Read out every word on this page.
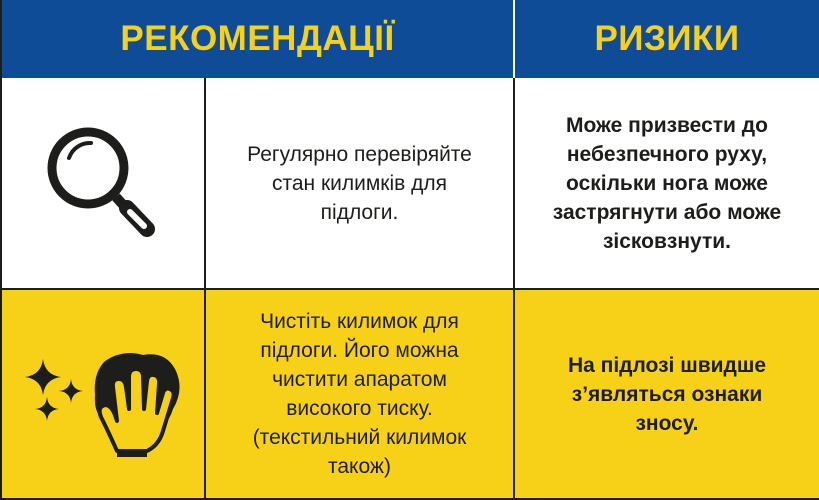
РЕКОМЕНДАЦІЇ	РИЗИКИ
Регулярно перевіряйте
стан килимків для
підлоги.
Може призвести до
небезпечного руху,
оскільки нога може
застрягнути або може
зісковзнути.
Чистіть килимок для
підлоги. Його можна
чистити апаратом
високого тиску.
(текстильний килимок
також)
На підлозі швидше
з’являться ознаки
зносу.
